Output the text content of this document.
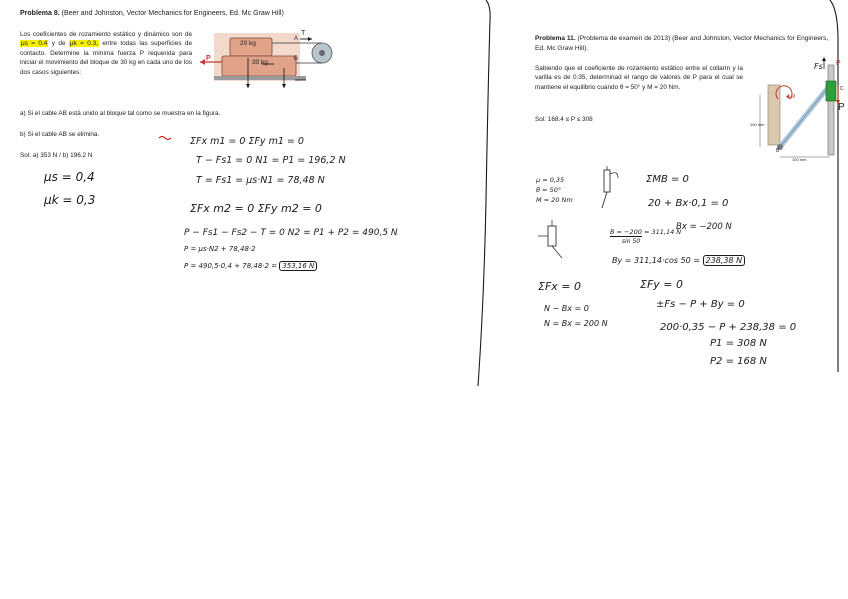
Problema 8. (Beer and Johnston, Vector Mechanics for Engineers, Ed. Mc Graw Hill)
Los coeficientes de rozamiento estático y dinámico son de μs = 0.4 y de μk = 0.3, entre todas las superficies de contacto. Determine la mínima fuerza P requerida para iniciar el movimiento del bloque de 30 kg en cada uno de los dos casos siguientes:
20 kg
30 kg
A
B
P
T
a) Si el cable AB está unido al bloque tal como se muestra en la figura.
b) Si el cable AB se elimina.
Sol: a) 353 N / b) 196.2 N
μs = 0,4
μk = 0,3
ΣFx m1 = 0 ΣFy m1 = 0
T − Fs1 = 0 N1 = P1 = 196,2 N
T = Fs1 = μs·N1 = 78,48 N
ΣFx m2 = 0 ΣFy m2 = 0
P − Fs1 − Fs2 − T = 0 N2 = P1 + P2 = 490,5 N
P = μs·N2 + 78,48·2
P = 490,5·0,4 + 78,48·2 = 353,16 N
Problema 11. (Problema de examen de 2013) (Beer and Johnston, Vector Mechanics for Engineers, Ed. Mc Graw Hill).
Sabiendo que el coeficiente de rozamiento estático entre el collarín y la varilla es de 0.35, determinad el rango de valores de P para el cual se mantiene el equilibrio cuando θ = 50° y M = 20 Nm.
Sol: 168.4 ≤ P ≤ 308
100 mm
100 mm
M
P
P
C
B
Fs
μ = 0,35
θ = 50°
M = 20 Nm
ΣMB = 0
20 + Bx·0,1 = 0
Bx = −200 N
B = −200 = 311,14 N
sin 50
By = 311,14·cos 50 = 238,38 N
ΣFx = 0	ΣFy = 0
N − Bx = 0
N = Bx = 200 N
±Fs − P + By = 0
200·0,35 − P + 238,38 = 0
P1 = 308 N
P2 = 168 N
